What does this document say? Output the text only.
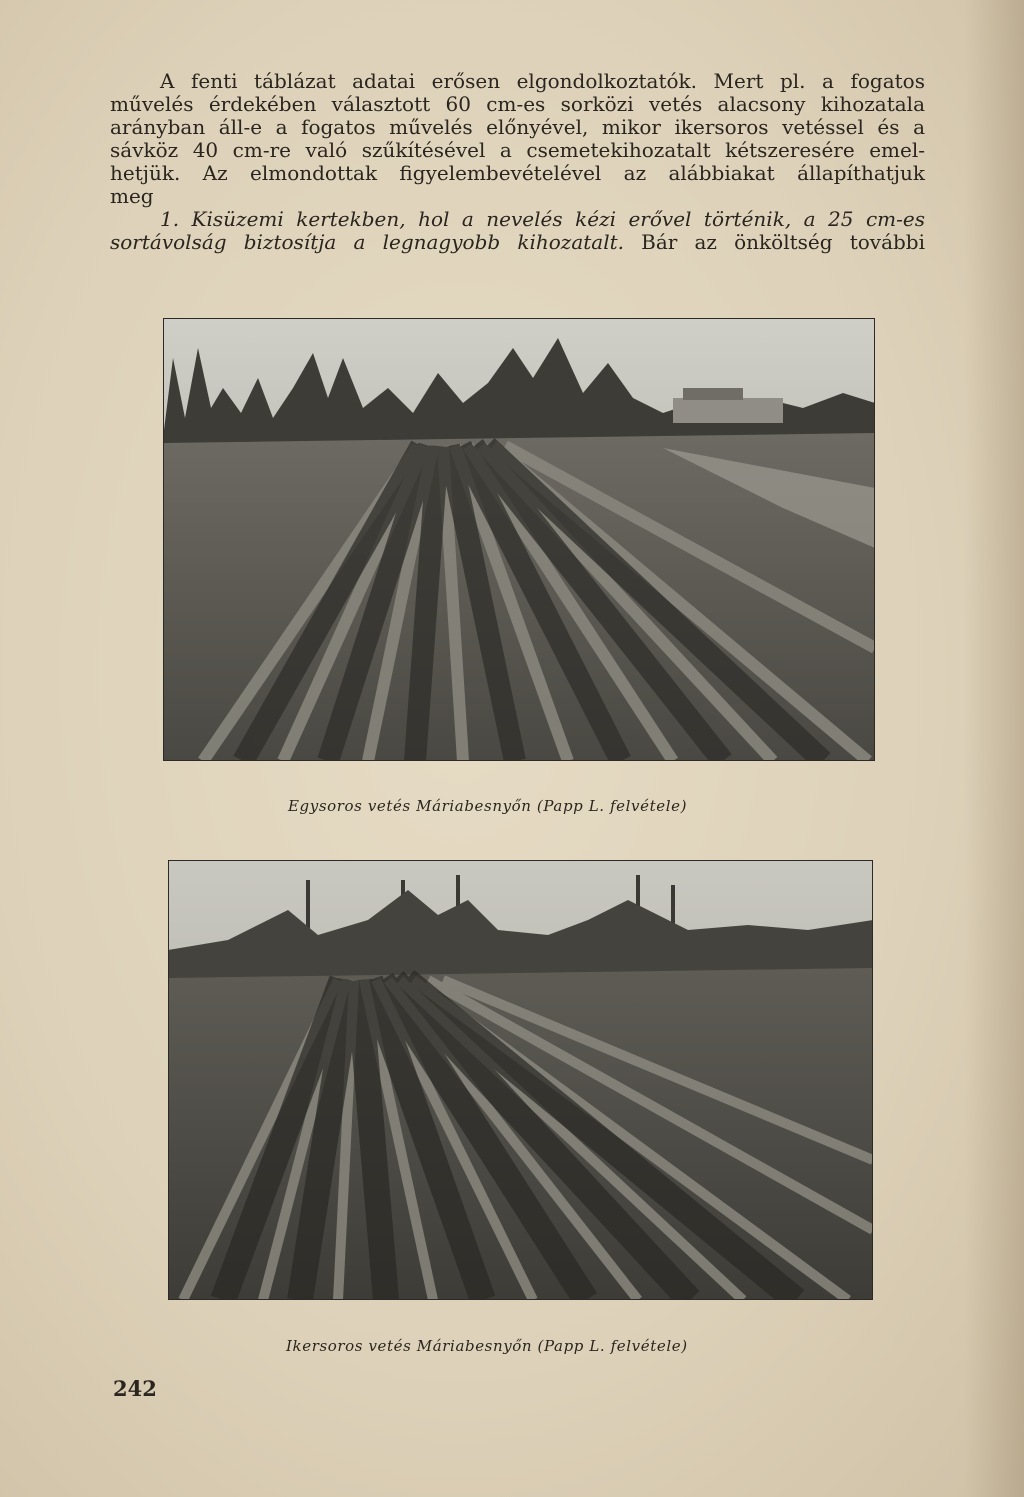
A fenti táblázat adatai erősen elgondolkoztatók. Mert pl. a fogatos

művelés érdekében választott 60 cm-es sorközi vetés alacsony kihozatala

arányban áll-e a fogatos művelés előnyével, mikor ikersoros vetéssel és a

sávköz 40 cm-re való szűkítésével a csemetekihozatalt kétszeresére emel-

hetjük. Az elmondottak figyelembevételével az alábbiakat állapíthatjuk

meg

1. Kisüzemi kertekben, hol a nevelés kézi erővel történik, a 25 cm-es

sortávolság biztosítja a legnagyobb kihozatalt. Bár az önköltség további

Egysoros vetés Máriabesnyőn (Papp L. felvétele)
Ikersoros vetés Máriabesnyőn (Papp L. felvétele)
242
